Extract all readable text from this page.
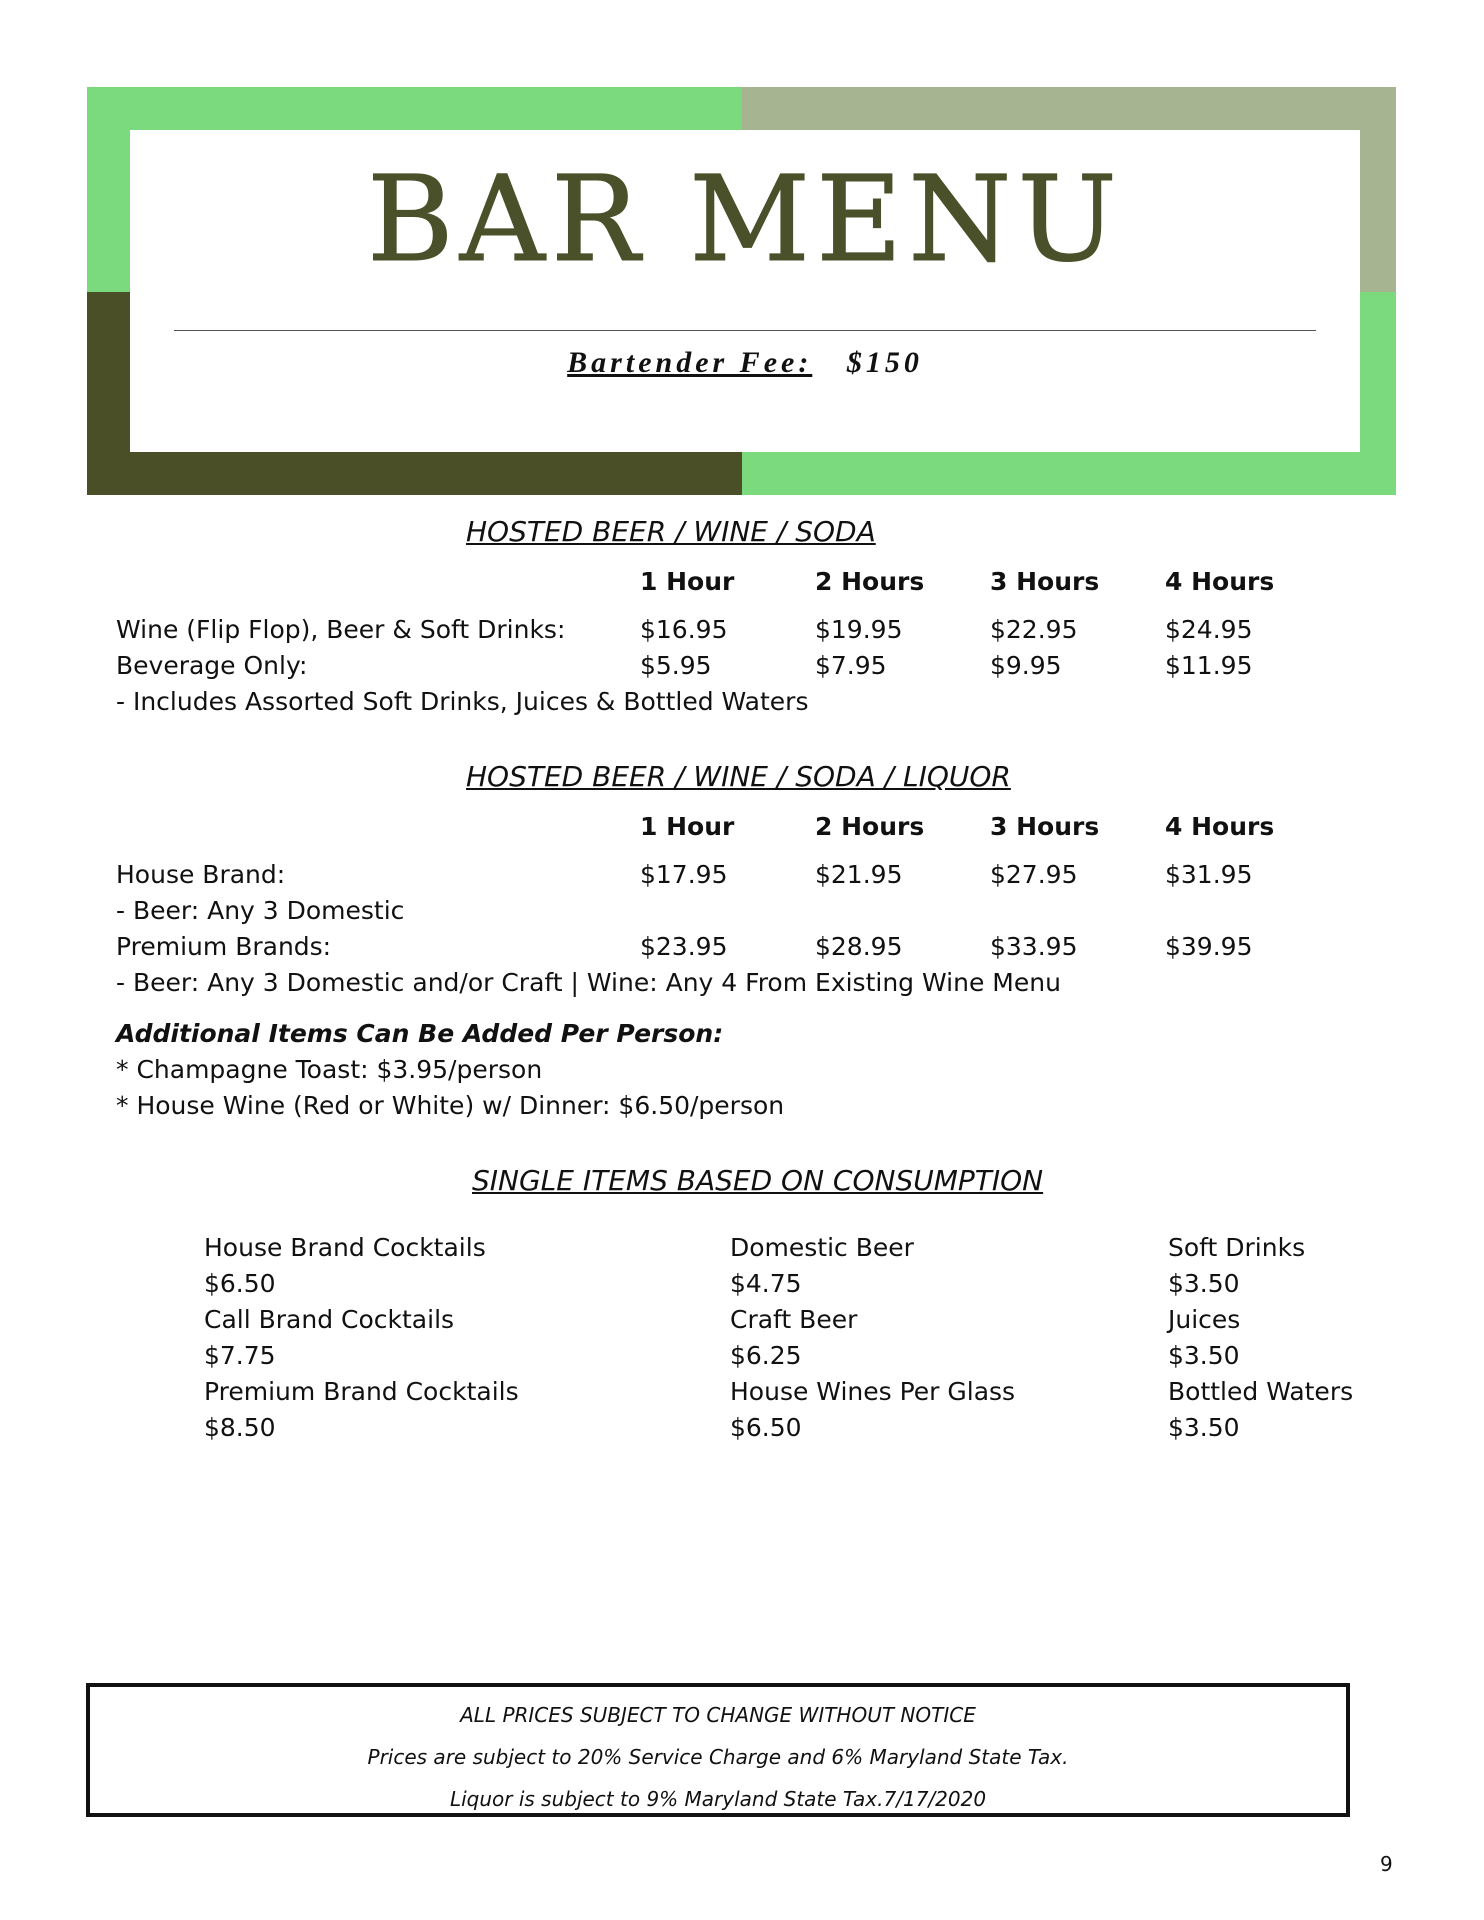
BAR MENU
Bartender Fee: $150
HOSTED BEER / WINE / SODA
1 Hour	2 Hours	3 Hours	4 Hours
Wine (Flip Flop), Beer & Soft Drinks:	$16.95	$19.95	$22.95	$24.95
Beverage Only:	$5.95	$7.95	$9.95	$11.95
- Includes Assorted Soft Drinks, Juices & Bottled Waters
HOSTED BEER / WINE / SODA / LIQUOR
1 Hour	2 Hours	3 Hours	4 Hours
House Brand:	$17.95	$21.95	$27.95	$31.95
- Beer: Any 3 Domestic
Premium Brands:	$23.95	$28.95	$33.95	$39.95
- Beer: Any 3 Domestic and/or Craft | Wine: Any 4 From Existing Wine Menu
Additional Items Can Be Added Per Person:
* Champagne Toast: $3.95/person
* House Wine (Red or White) w/ Dinner: $6.50/person
SINGLE ITEMS BASED ON CONSUMPTION
House Brand Cocktails
$6.50
Call Brand Cocktails
$7.75
Premium Brand Cocktails
$8.50
Domestic Beer
$4.75
Craft Beer
$6.25
House Wines Per Glass
$6.50
Soft Drinks
$3.50
Juices
$3.50
Bottled Waters
$3.50
ALL PRICES SUBJECT TO CHANGE WITHOUT NOTICE
Prices are subject to 20% Service Charge and 6% Maryland State Tax.
Liquor is subject to 9% Maryland State Tax.7/17/2020
9
